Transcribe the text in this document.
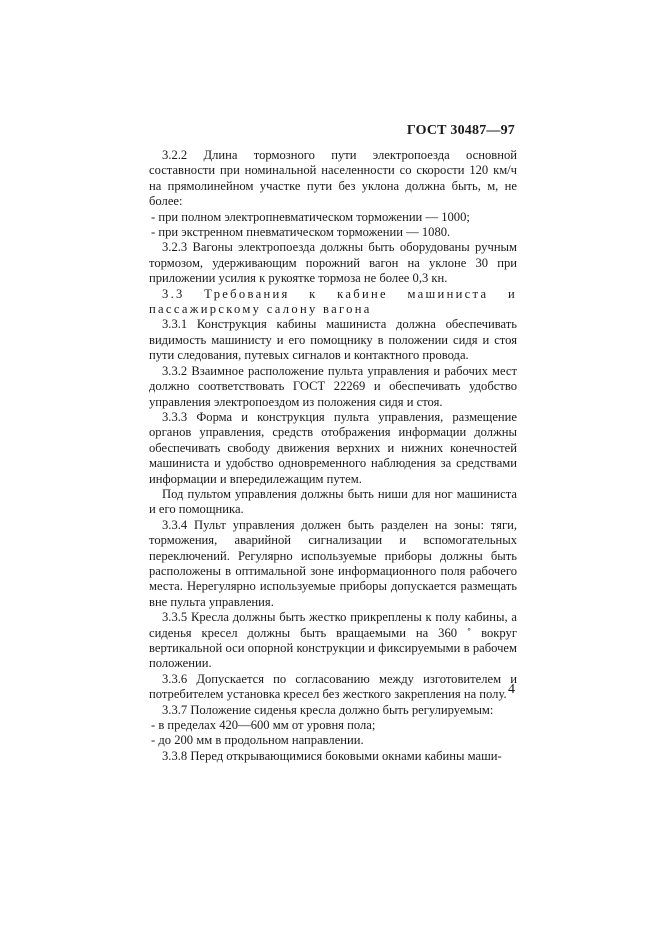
ГОСТ 30487—97

3.2.2 Длина тормозного пути электропоезда основной составности при номинальной населенности со скорости 120 км/ч на прямолинейном участке пути без уклона должна быть, м, не более:

- при полном электропневматическом торможении — 1000;

- при экстренном пневматическом торможении — 1080.

3.2.3 Вагоны электропоезда должны быть оборудованы ручным тормозом, удерживающим порожний вагон на уклоне 30 при приложении усилия к рукоятке тормоза не более 0,3 кн.

3.3 Требования к кабине машиниста и пассажирскому салону вагона

3.3.1 Конструкция кабины машиниста должна обеспечивать видимость машинисту и его помощнику в положении сидя и стоя пути следования, путевых сигналов и контактного провода.

3.3.2 Взаимное расположение пульта управления и рабочих мест должно соответствовать ГОСТ 22269 и обеспечивать удобство управления электропоездом из положения сидя и стоя.

3.3.3 Форма и конструкция пульта управления, размещение органов управления, средств отображения информации должны обеспечивать свободу движения верхних и нижних конечностей машиниста и удобство одновременного наблюдения за средствами информации и впередилежащим путем.

Под пультом управления должны быть ниши для ног машиниста и его помощника.

3.3.4 Пульт управления должен быть разделен на зоны: тяги, торможения, аварийной сигнализации и вспомогательных переключений. Регулярно используемые приборы должны быть расположены в оптимальной зоне информационного поля рабочего места. Нерегулярно используемые приборы допускается размещать вне пульта управления.

3.3.5 Кресла должны быть жестко прикреплены к полу кабины, а сиденья кресел должны быть вращаемыми на 360 ˚ вокруг вертикальной оси опорной конструкции и фиксируемыми в рабочем положении.

3.3.6 Допускается по согласованию между изготовителем и потребителем установка кресел без жесткого закрепления на полу.

3.3.7 Положение сиденья кресла должно быть регулируемым:

- в пределах 420—600 мм от уровня пола;

- до 200 мм в продольном направлении.

3.3.8 Перед открывающимися боковыми окнами кабины маши-

4
